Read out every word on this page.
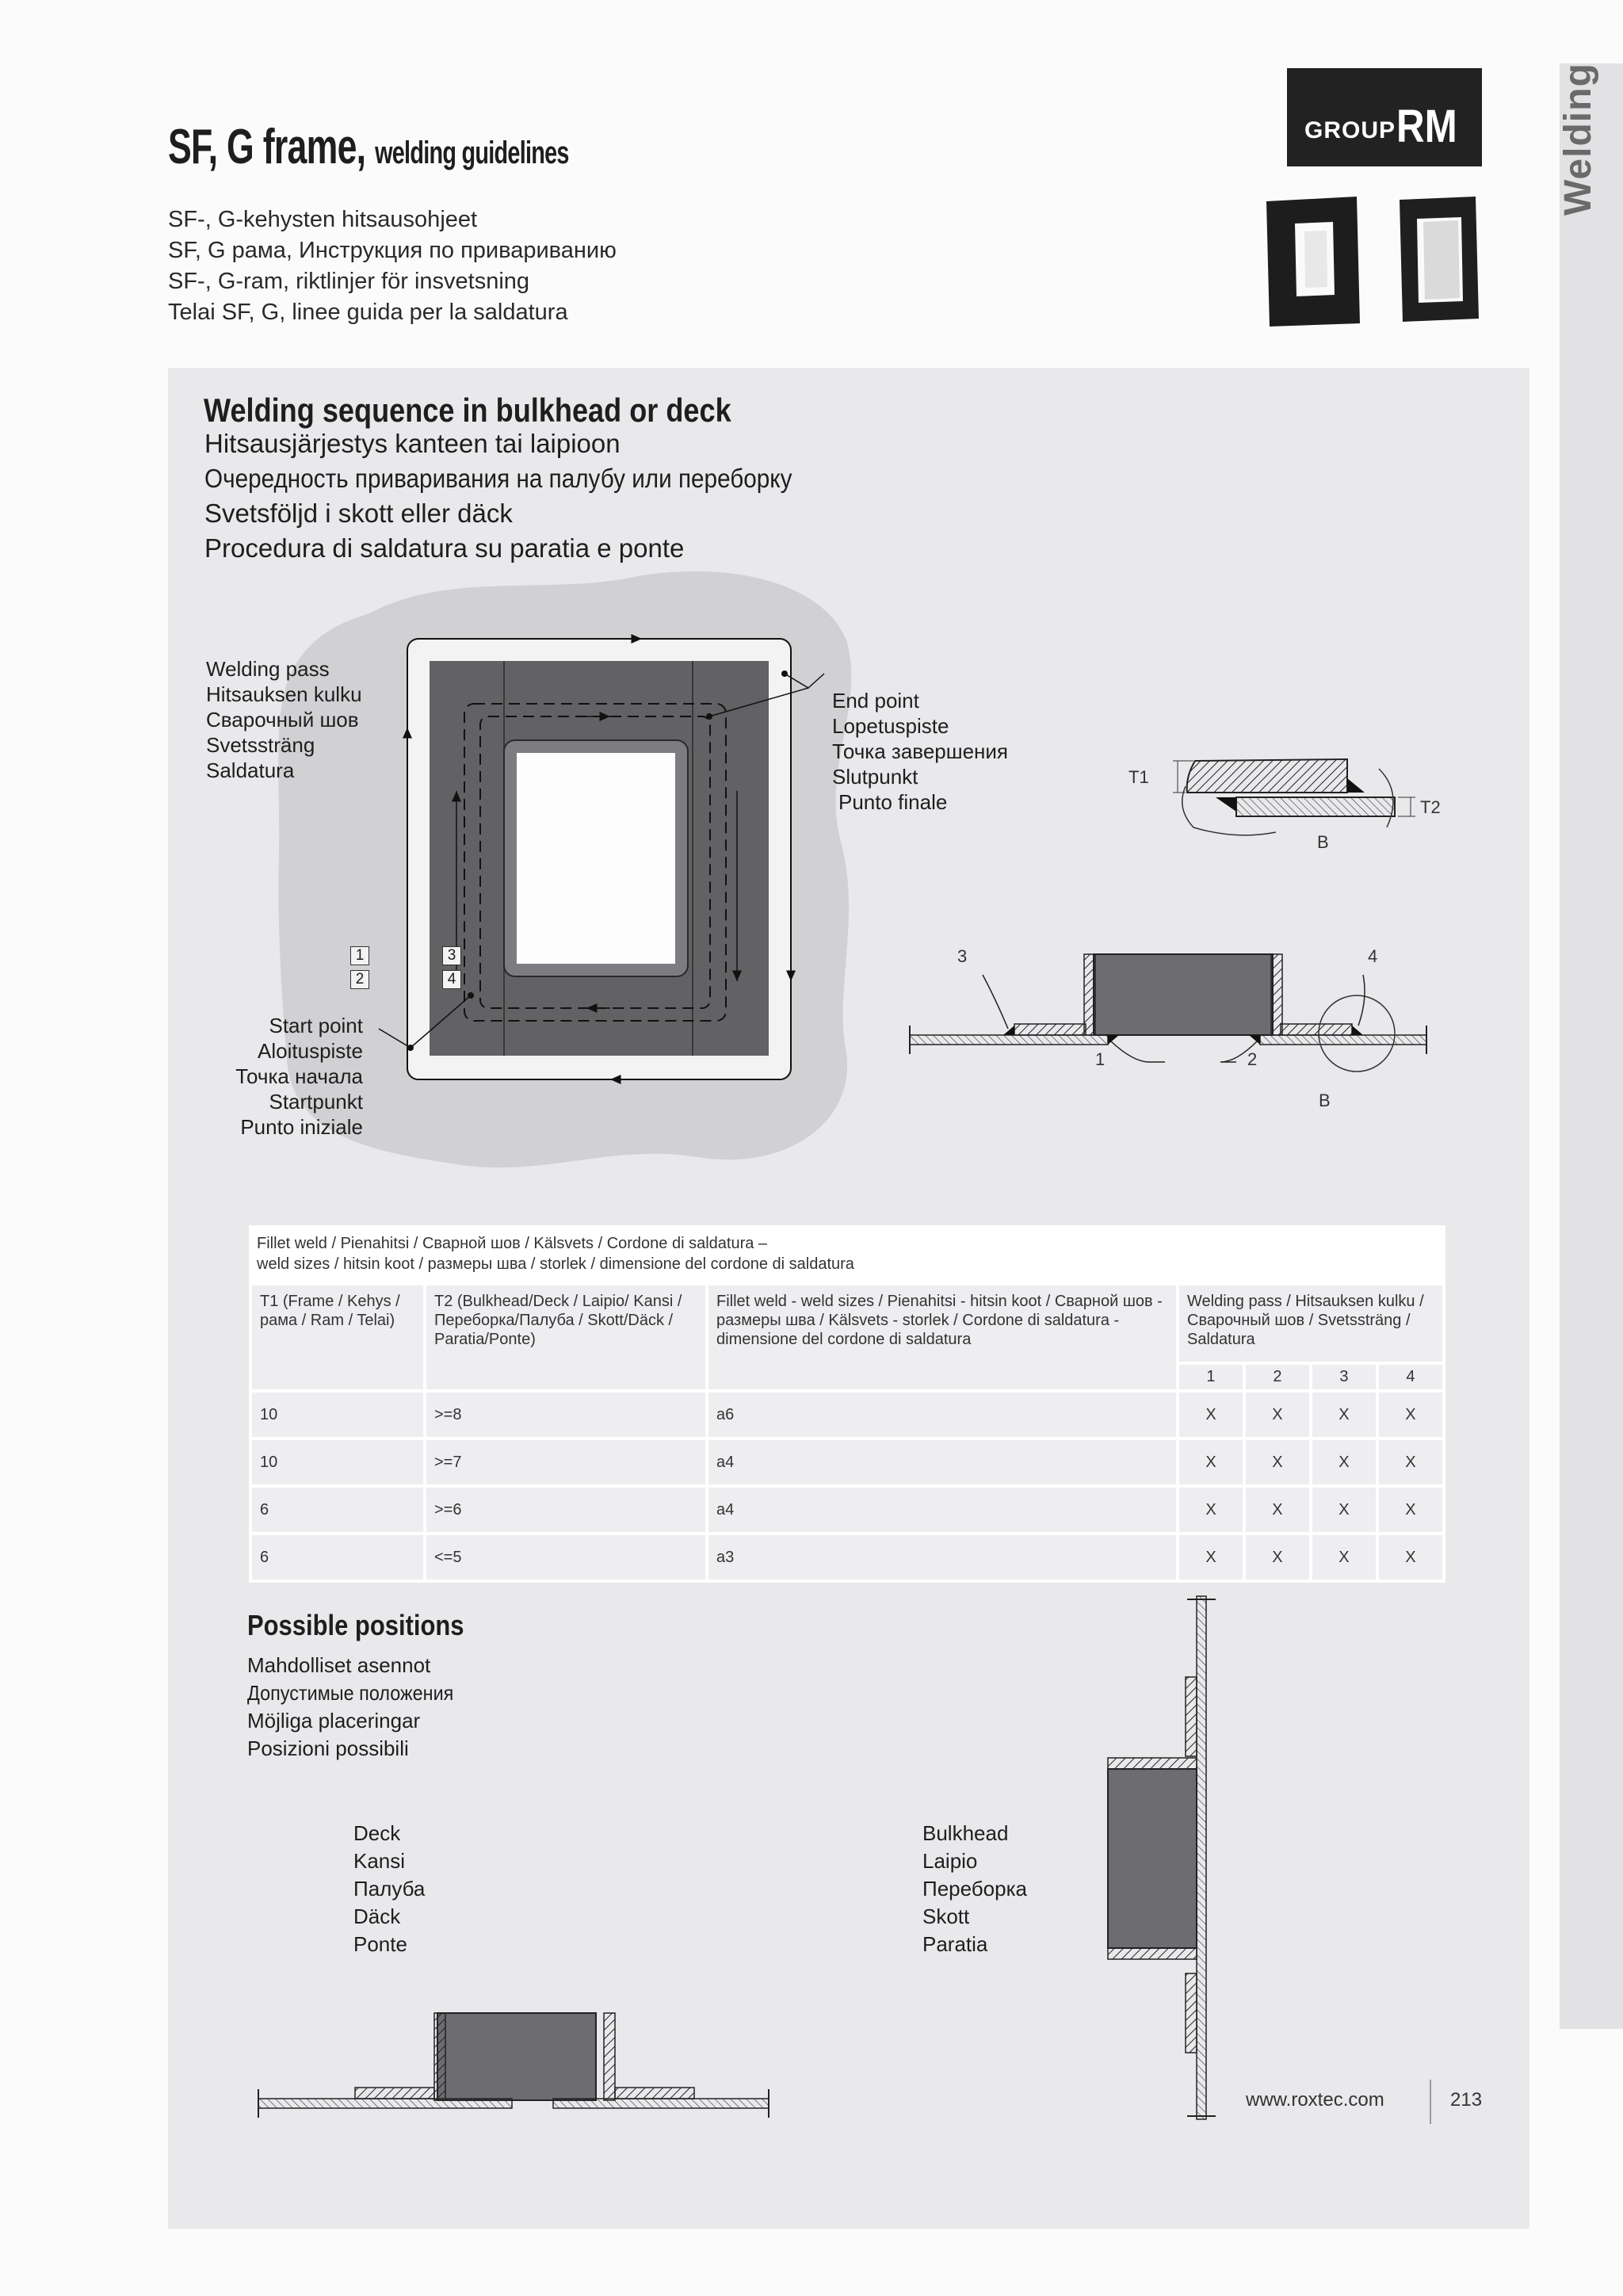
SF, G frame, welding guidelines
SF-, G-kehysten hitsausohjeet
SF, G рама, Инструкция по привариванию
SF-, G-ram, riktlinjer för insvetsning
Telai SF, G, linee guida per la saldatura
GROUP RM	Welding
Welding sequence in bulkhead or deck
Hitsausjärjestys kanteen tai laipioon
Очередность приваривания на палубу или переборку
Svetsföljd i skott eller däck
Procedura di saldatura su paratia e ponte
1
2
3
4
Welding pass
Hitsauksen kulku
Сварочный шов
Svetssträng
Saldatura
End point
Lopetuspiste
Точка завершения
Slutpunkt
Punto finale
Start point
Aloituspiste
Точка начала
Startpunkt
Punto iniziale
T1
T2
B
3	4
1	2
B
Fillet weld / Pienahitsi / Сварной шов / Kälsvets / Cordone di saldatura –
weld sizes / hitsin koot / размеры шва / storlek / dimensione del cordone di saldatura						
T1 (Frame / Kehys / рама / Ram / Telai)	T2 (Bulkhead/Deck / Laipio/ Kansi / Переборка/Палуба / Skott/Däck / Paratia/Ponte)	Fillet weld - weld sizes / Pienahitsi - hitsin koot / Сварной шов - размеры шва / Kälsvets - storlek / Cordone di saldatura - dimensione del cordone di saldatura	Welding pass / Hitsauksen kulku / Сварочный шов / Svetssträng / Saldatura			
			1	2	3	4
10	>=8	a6	X	X	X	X
10	>=7	a4	X	X	X	X
6	>=6	a4	X	X	X	X
6	<=5	a3	X	X	X	X
Possible positions
Mahdolliset asennot
Допустимые положения
Möjliga placeringar
Posizioni possibili
Deck
Kansi
Палуба
Däck
Ponte
Bulkhead
Laipio
Переборка
Skott
Paratia
www.roxtec.com	213
